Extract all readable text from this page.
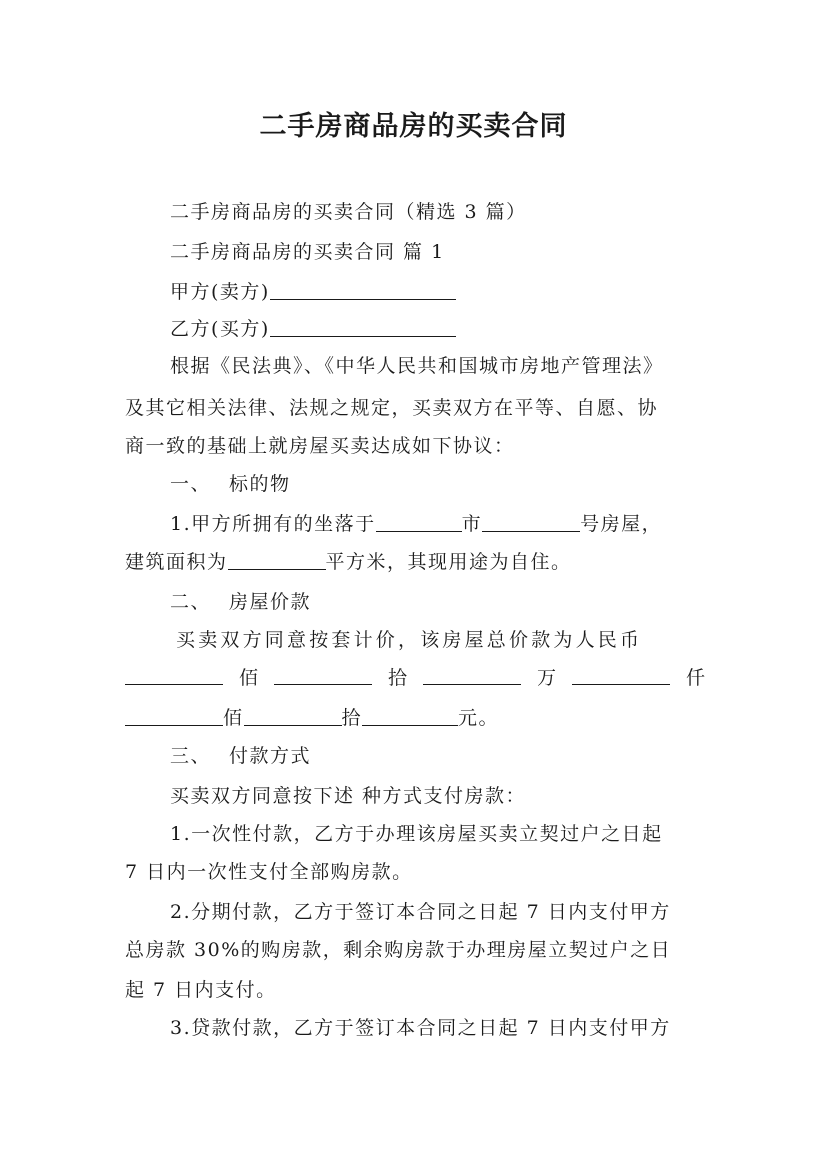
二手房商品房的买卖合同
二手房商品房的买卖合同（精选 3 篇）
二手房商品房的买卖合同 篇 1
甲方(卖方)
乙方(买方)
根据《民法典》、《中华人民共和国城市房地产管理法》
及其它相关法律、法规之规定，买卖双方在平等、自愿、协
商一致的基础上就房屋买卖达成如下协议：
一、 标的物
1.甲方所拥有的坐落于	市	号房屋，
建筑面积为	平方米，其现用途为自住。
二、 房屋价款
买卖双方同意按套计价，该房屋总价款为人民币
佰	拾	万	仟
佰	拾	元。
三、 付款方式
买卖双方同意按下述 种方式支付房款：
1.一次性付款，乙方于办理该房屋买卖立契过户之日起
7 日内一次性支付全部购房款。
2.分期付款，乙方于签订本合同之日起 7 日内支付甲方
总房款 30%的购房款，剩余购房款于办理房屋立契过户之日
起 7 日内支付。
3.贷款付款，乙方于签订本合同之日起 7 日内支付甲方
